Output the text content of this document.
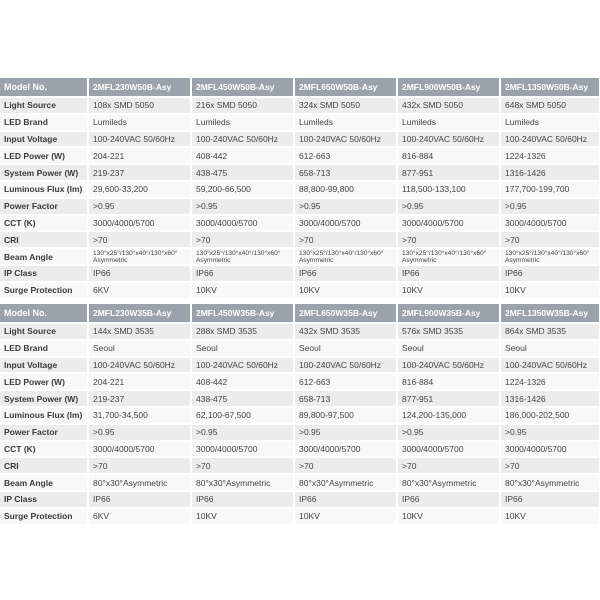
Model No.	2MFL230W50B-Asy	2MFL450W50B-Asy	2MFL650W50B-Asy	2MFL900W50B-Asy	2MFL1350W50B-Asy
Light Source	108x SMD 5050	216x SMD 5050	324x SMD 5050	432x SMD 5050	648x SMD 5050
LED Brand	Lumileds	Lumileds	Lumileds	Lumileds	Lumileds
Input Voltage	100-240VAC 50/60Hz	100-240VAC 50/60Hz	100-240VAC 50/60Hz	100-240VAC 50/60Hz	100-240VAC 50/60Hz
LED Power (W)	204-221	408-442	612-663	816-884	1224-1326
System Power (W)	219-237	438-475	658-713	877-951	1316-1426
Luminous Flux (lm)	29,600-33,200	59,200-66,500	88,800-99,800	118,500-133,100	177,700-199,700
Power Factor	>0.95	>0.95	>0.95	>0.95	>0.95
CCT (K)	3000/4000/5700	3000/4000/5700	3000/4000/5700	3000/4000/5700	3000/4000/5700
CRI	>70	>70	>70	>70	>70
Beam Angle	130°x25°/130°x40°/130°x60° Asymmetric	130°x25°/130°x40°/130°x60° Asymmetric	130°x25°/130°x40°/130°x60° Asymmetric	130°x25°/130°x40°/130°x60° Asymmetric	130°x25°/130°x40°/130°x60° Asymmetric
IP Class	IP66	IP66	IP66	IP66	IP66
Surge Protection	6KV	10KV	10KV	10KV	10KV
Model No.	2MFL230W35B-Asy	2MFL450W35B-Asy	2MFL650W35B-Asy	2MFL900W35B-Asy	2MFL1350W35B-Asy
Light Source	144x SMD 3535	288x SMD 3535	432x SMD 3535	576x SMD 3535	864x SMD 3535
LED Brand	Seoul	Seoul	Seoul	Seoul	Seoul
Input Voltage	100-240VAC 50/60Hz	100-240VAC 50/60Hz	100-240VAC 50/60Hz	100-240VAC 50/60Hz	100-240VAC 50/60Hz
LED Power (W)	204-221	408-442	612-663	816-884	1224-1326
System Power (W)	219-237	438-475	658-713	877-951	1316-1426
Luminous Flux (lm)	31,700-34,500	62,100-67,500	89,800-97,500	124,200-135,000	186,000-202,500
Power Factor	>0.95	>0.95	>0.95	>0.95	>0.95
CCT (K)	3000/4000/5700	3000/4000/5700	3000/4000/5700	3000/4000/5700	3000/4000/5700
CRI	>70	>70	>70	>70	>70
Beam Angle	80°x30°Asymmetric	80°x30°Asymmetric	80°x30°Asymmetric	80°x30°Asymmetric	80°x30°Asymmetric
IP Class	IP66	IP66	IP66	IP66	IP66
Surge Protection	6KV	10KV	10KV	10KV	10KV
